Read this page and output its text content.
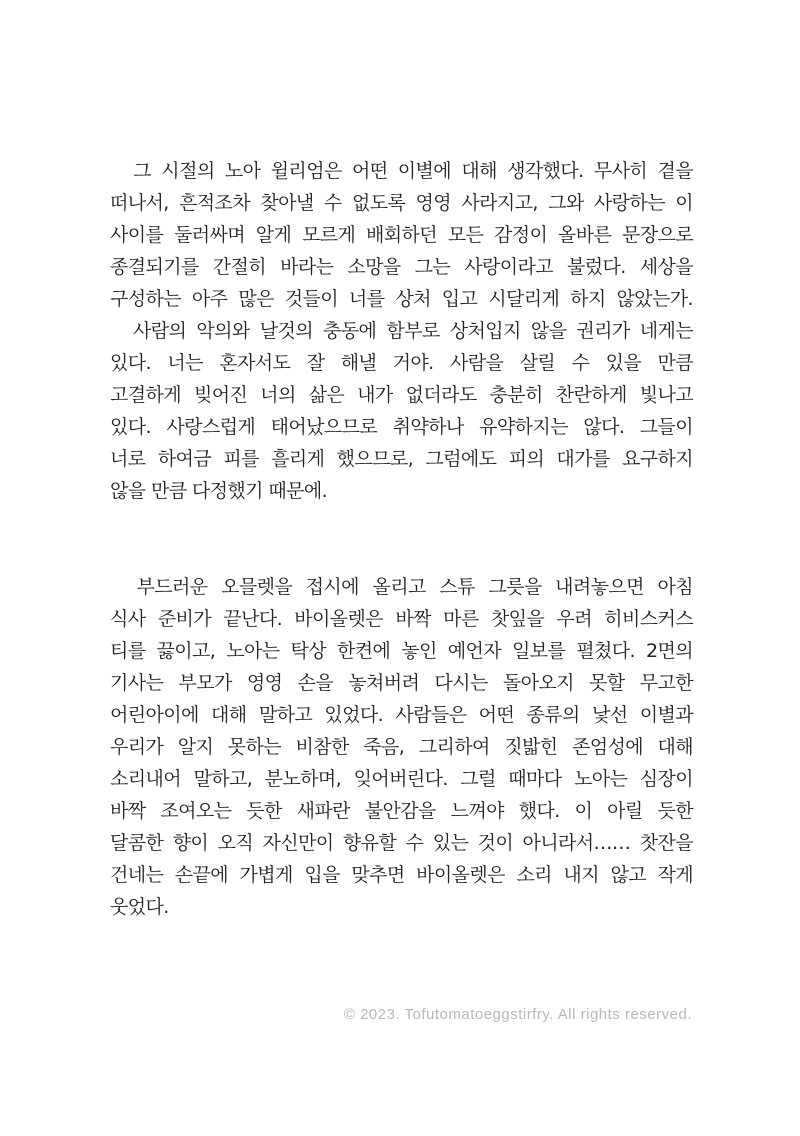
　그 시절의 노아 윌리엄은 어떤 이별에 대해 생각했다. 무사히 곁을
떠나서, 흔적조차 찾아낼 수 없도록 영영 사라지고, 그와 사랑하는 이
사이를 둘러싸며 알게 모르게 배회하던 모든 감정이 올바른 문장으로
종결되기를 간절히 바라는 소망을 그는 사랑이라고 불렀다. 세상을
구성하는 아주 많은 것들이 너를 상처 입고 시달리게 하지 않았는가.
　사람의 악의와 날것의 충동에 함부로 상처입지 않을 권리가 네게는
있다. 너는 혼자서도 잘 해낼 거야. 사람을 살릴 수 있을 만큼
고결하게 빚어진 너의 삶은 내가 없더라도 충분히 찬란하게 빛나고
있다. 사랑스럽게 태어났으므로 취약하나 유약하지는 않다. 그들이
너로 하여금 피를 흘리게 했으므로, 그럼에도 피의 대가를 요구하지
않을 만큼 다정했기 때문에.
　부드러운 오믈렛을 접시에 올리고 스튜 그릇을 내려놓으면 아침
식사 준비가 끝난다. 바이올렛은 바짝 마른 찻잎을 우려 히비스커스
티를 끓이고, 노아는 탁상 한켠에 놓인 예언자 일보를 펼쳤다. 2면의
기사는 부모가 영영 손을 놓쳐버려 다시는 돌아오지 못할 무고한
어린아이에 대해 말하고 있었다. 사람들은 어떤 종류의 낯선 이별과
우리가 알지 못하는 비참한 죽음, 그리하여 짓밟힌 존엄성에 대해
소리내어 말하고, 분노하며, 잊어버린다. 그럴 때마다 노아는 심장이
바짝 조여오는 듯한 새파란 불안감을 느껴야 했다. 이 아릴 듯한
달콤한 향이 오직 자신만이 향유할 수 있는 것이 아니라서…… 찻잔을
건네는 손끝에 가볍게 입을 맞추면 바이올렛은 소리 내지 않고 작게
웃었다.
© 2023. Tofutomatoeggstirfry. All rights reserved.
